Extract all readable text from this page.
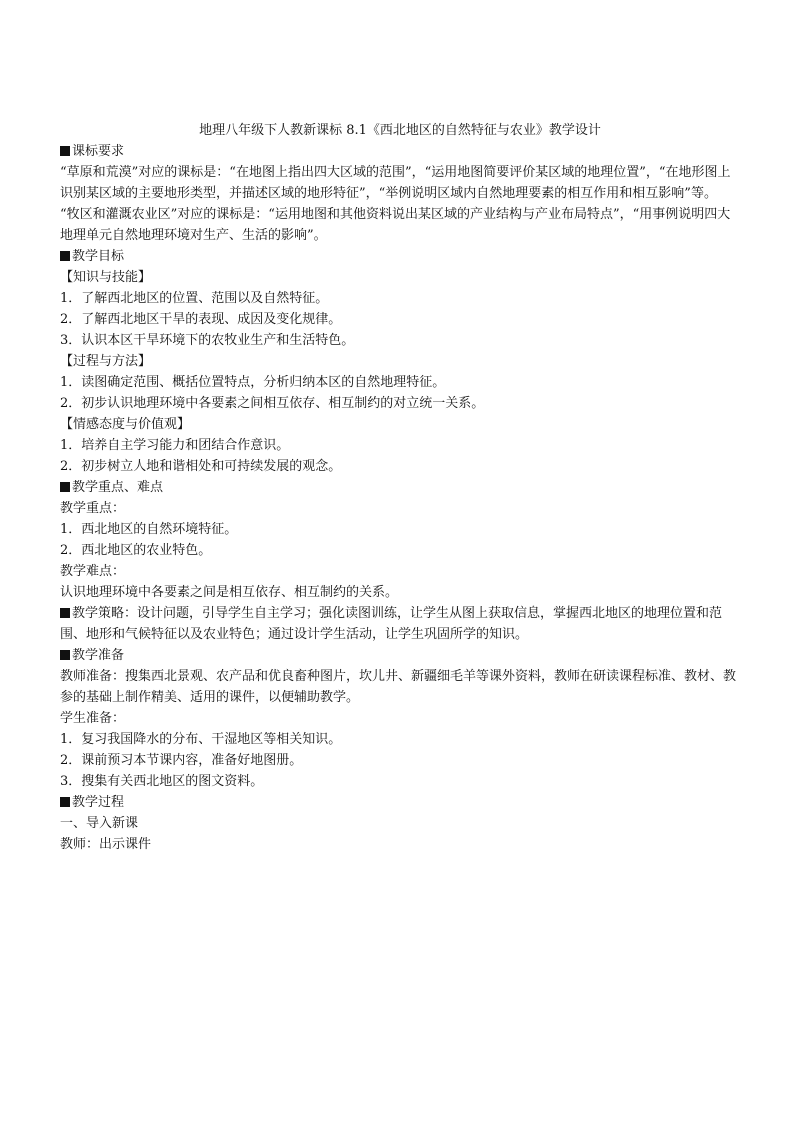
地理八年级下人教新课标 8.1《西北地区的自然特征与农业》教学设计

课标要求

“草原和荒漠”对应的课标是：“在地图上指出四大区域的范围”，“运用地图简要评价某区域的地理位置”，“在地形图上识别某区域的主要地形类型，并描述区域的地形特征”，“举例说明区域内自然地理要素的相互作用和相互影响”等。

“牧区和灌溉农业区”对应的课标是：“运用地图和其他资料说出某区域的产业结构与产业布局特点”，“用事例说明四大地理单元自然地理环境对生产、生活的影响”。

教学目标

【知识与技能】

1．了解西北地区的位置、范围以及自然特征。

2．了解西北地区干旱的表现、成因及变化规律。

3．认识本区干旱环境下的农牧业生产和生活特色。

【过程与方法】

1．读图确定范围、概括位置特点，分析归纳本区的自然地理特征。

2．初步认识地理环境中各要素之间相互依存、相互制约的对立统一关系。

【情感态度与价值观】

1．培养自主学习能力和团结合作意识。

2．初步树立人地和谐相处和可持续发展的观念。

教学重点、难点

教学重点：

1．西北地区的自然环境特征。

2．西北地区的农业特色。

教学难点：

认识地理环境中各要素之间是相互依存、相互制约的关系。

教学策略：设计问题，引导学生自主学习；强化读图训练，让学生从图上获取信息，掌握西北地区的地理位置和范围、地形和气候特征以及农业特色；通过设计学生活动，让学生巩固所学的知识。

教学准备

教师准备：搜集西北景观、农产品和优良畜种图片，坎儿井、新疆细毛羊等课外资料，教师在研读课程标准、教材、教参的基础上制作精美、适用的课件，以便辅助教学。

学生准备：

1．复习我国降水的分布、干湿地区等相关知识。

2．课前预习本节课内容，准备好地图册。

3．搜集有关西北地区的图文资料。

教学过程

一、导入新课

教师：出示课件
